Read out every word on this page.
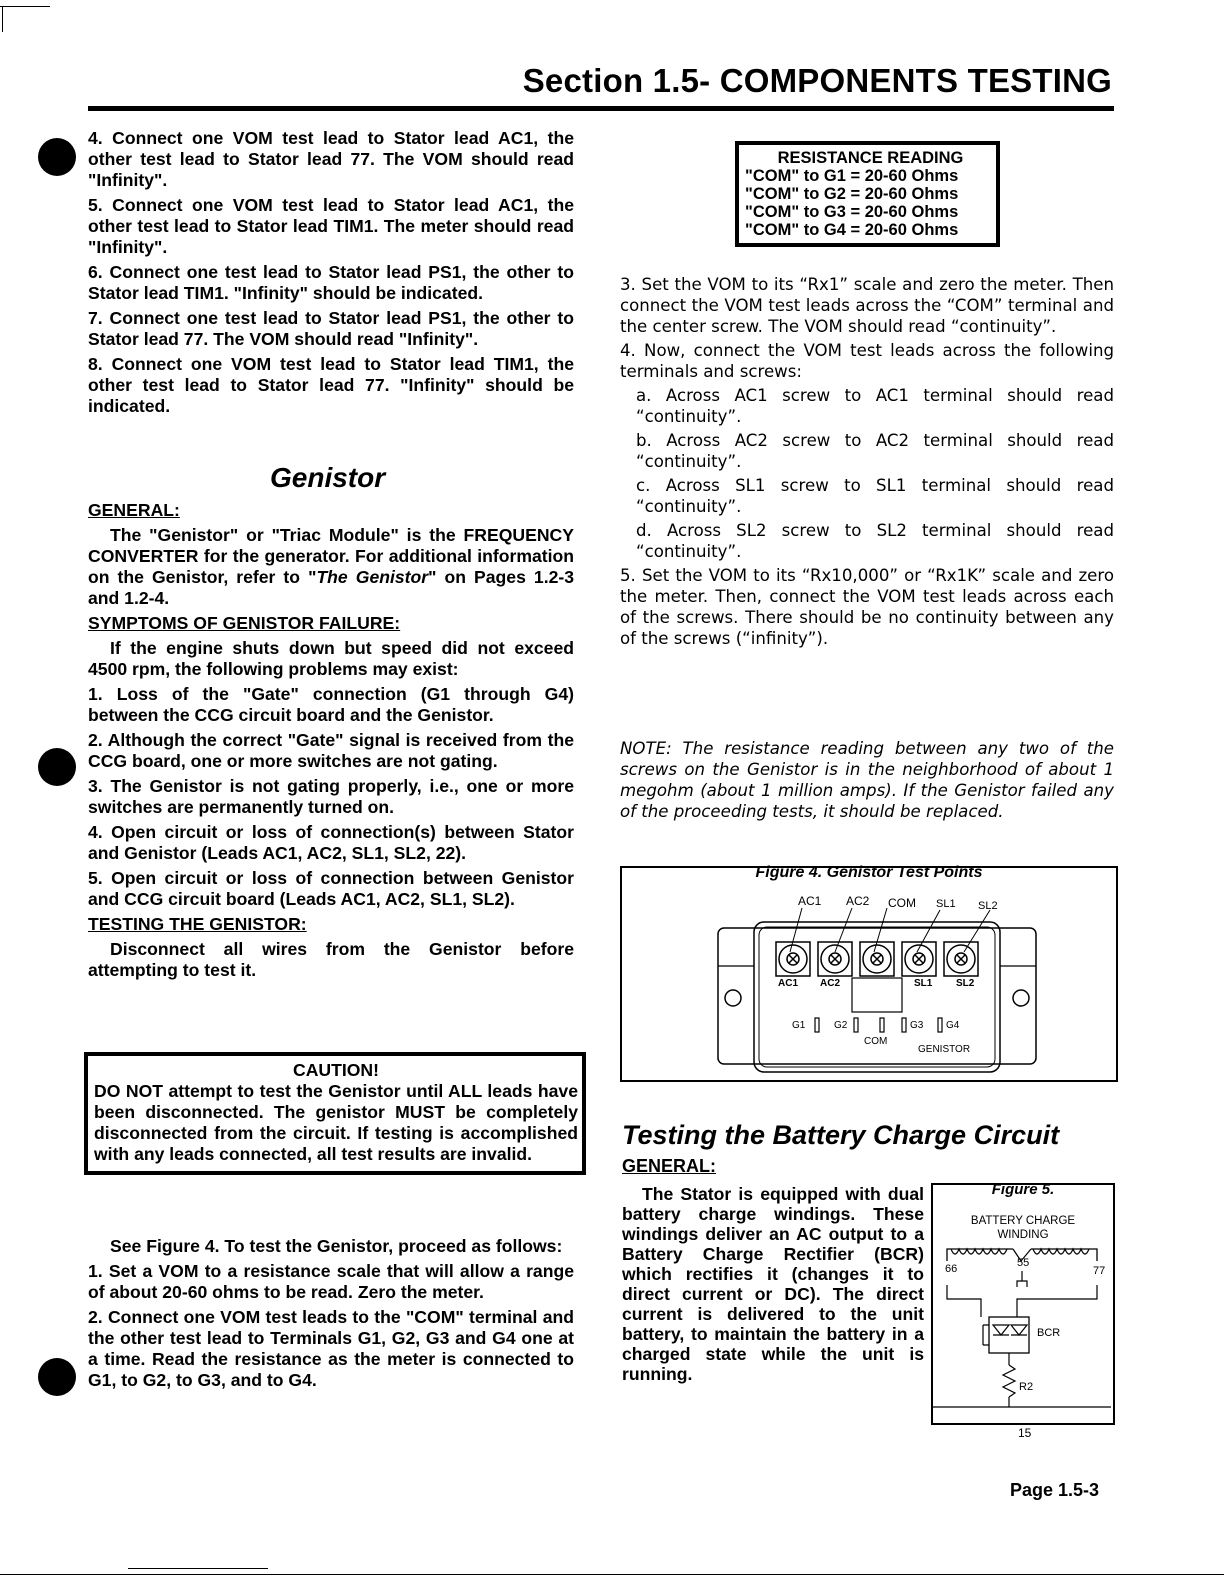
Section 1.5- COMPONENTS TESTING

4. Connect one VOM test lead to Stator lead AC1, the other test lead to Stator lead 77. The VOM should read "Infinity".

5. Connect one VOM test lead to Stator lead AC1, the other test lead to Stator lead TIM1. The meter should read "Infinity".

6. Connect one test lead to Stator lead PS1, the other to Stator lead TIM1. "Infinity" should be indicated.

7. Connect one test lead to Stator lead PS1, the other to Stator lead 77. The VOM should read "Infinity".

8. Connect one VOM test lead to Stator lead TIM1, the other test lead to Stator lead 77. "Infinity" should be indicated.

Genistor
GENERAL:

The "Genistor" or "Triac Module" is the FREQUENCY CONVERTER for the generator. For additional information on the Genistor, refer to "The Genistor" on Pages 1.2-3 and 1.2-4.

SYMPTOMS OF GENISTOR FAILURE:

If the engine shuts down but speed did not exceed 4500 rpm, the following problems may exist:

1. Loss of the "Gate" connection (G1 through G4) between the CCG circuit board and the Genistor.

2. Although the correct "Gate" signal is received from the CCG board, one or more switches are not gating.

3. The Genistor is not gating properly, i.e., one or more switches are permanently turned on.

4. Open circuit or loss of connection(s) between Stator and Genistor (Leads AC1, AC2, SL1, SL2, 22).

5. Open circuit or loss of connection between Genistor and CCG circuit board (Leads AC1, AC2, SL1, SL2).

TESTING THE GENISTOR:

Disconnect all wires from the Genistor before attempting to test it.

CAUTION!
DO NOT attempt to test the Genistor until ALL leads have been disconnected. The genistor MUST be completely disconnected from the circuit. If testing is accomplished with any leads connected, all test results are invalid.

See Figure 4. To test the Genistor, proceed as follows:

1. Set a VOM to a resistance scale that will allow a range of about 20-60 ohms to be read. Zero the meter.

2. Connect one VOM test leads to the "COM" terminal and the other test lead to Terminals G1, G2, G3 and G4 one at a time. Read the resistance as the meter is connected to G1, to G2, to G3, and to G4.

RESISTANCE READING
"COM" to G1 = 20-60 Ohms
"COM" to G2 = 20-60 Ohms
"COM" to G3 = 20-60 Ohms
"COM" to G4 = 20-60 Ohms

3. Set the VOM to its “Rx1” scale and zero the meter. Then connect the VOM test leads across the “COM” terminal and the center screw. The VOM should read “continuity”.

4. Now, connect the VOM test leads across the following terminals and screws:

a. Across AC1 screw to AC1 terminal should read “continuity”.

b. Across AC2 screw to AC2 terminal should read “continuity”.

c. Across SL1 screw to SL1 terminal should read “continuity”.

d. Across SL2 screw to SL2 terminal should read “continuity”.

5. Set the VOM to its “Rx10,000” or “Rx1K” scale and zero the meter. Then, connect the VOM test leads across each of the screws. There should be no continuity between any of the screws (“infinity”).

NOTE: The resistance reading between any two of the screws on the Genistor is in the neighborhood of about 1 megohm (about 1 million amps). If the Genistor failed any of the proceeding tests, it should be replaced.
Figure 4. Genistor Test Points
AC1 AC2 COM SL1 SL2
AC1 AC2	SL1 SL2
G1	G2	G3 G4
COM
GENISTOR
Testing the Battery Charge Circuit
GENERAL:
The Stator is equipped with dual battery charge windings. These windings deliver an AC output to a Battery Charge Rectifier (BCR) which rectifies it (changes it to direct current or DC). The direct current is delivered to the unit battery, to maintain the battery in a charged state while the unit is running.
Figure 5.
BATTERY CHARGE
WINDING
66	55
77
BCR
R2
15
Page 1.5-3
